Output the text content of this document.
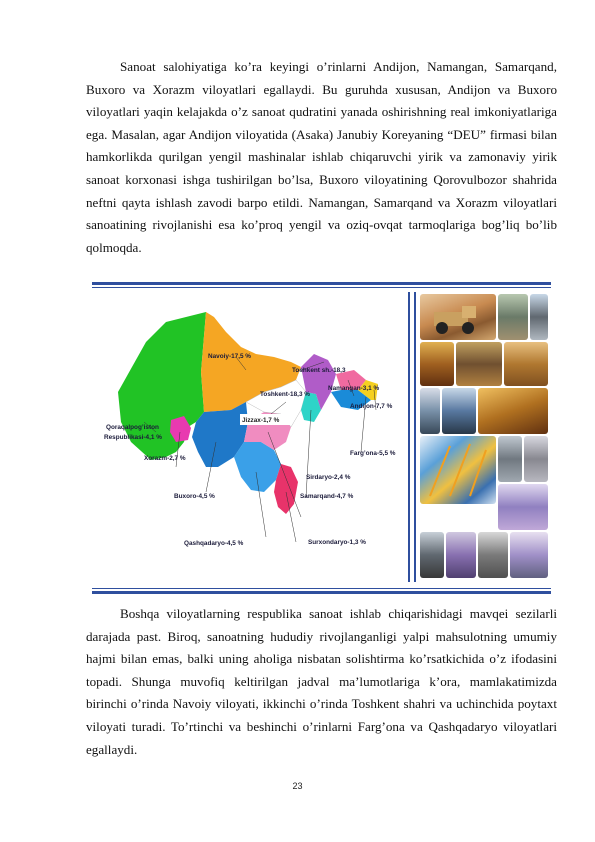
Sanoat salohiyatiga ko’ra keyingi o’rinlarni Andijon, Namangan, Samarqand, Buxoro va Xorazm viloyatlari egallaydi. Bu guruhda xususan, Andijon va Buxoro viloyatlari yaqin kelajakda o’z sanoat qudratini yanada oshirishning real imkoniyatlariga ega. Masalan, agar Andijon viloyatida (Asaka) Janubiy Koreyaning “DEU” firmasi bilan hamkorlikda qurilgan yengil mashinalar ishlab chiqaruvchi yirik va zamonaviy yirik sanoat korxonasi ishga tushirilgan bo’lsa, Buxoro viloyatining Qorovulbozor shahrida neftni qayta ishlash zavodi barpo etildi. Namangan, Samarqand va Xorazm viloyatlari sanoatining rivojlanishi esa ko’proq yengil va oziq-ovqat tarmoqlariga bog’liq bo’lib qolmoqda.

Navoiy-17,5 %
Toshkent sh.-18,3
Toshkent-18,3 %
Namangan-3,1 %
Andijon-7,7 %
Jizzax-1,7 %
Qoraqalpog’iston
Respublikasi-4,1 %
Xorazm-2,7 %
Farg’ona-5,5 %
Sirdaryo-2,4 %
Buxoro-4,5 %	Samarqand-4,7 %
Qashqadaryo-4,5 %	Surxondaryo-1,3 %

Boshqa viloyatlarning respublika sanoat ishlab chiqarishidagi mavqei sezilarli darajada past. Biroq, sanoatning hududiy rivojlanganligi yalpi mahsulotning umumiy hajmi bilan emas, balki uning aholiga nisbatan solishtirma ko’rsatkichida o’z ifodasini topadi. Shunga muvofiq keltirilgan jadval ma’lumotlariga k’ora, mamlakatimizda birinchi o’rinda Navoiy viloyati, ikkinchi o’rinda Toshkent shahri va uchinchida poytaxt viloyati turadi. To’rtinchi va beshinchi o’rinlarni Farg’ona va Qashqadaryo viloyatlari egallaydi.

23
